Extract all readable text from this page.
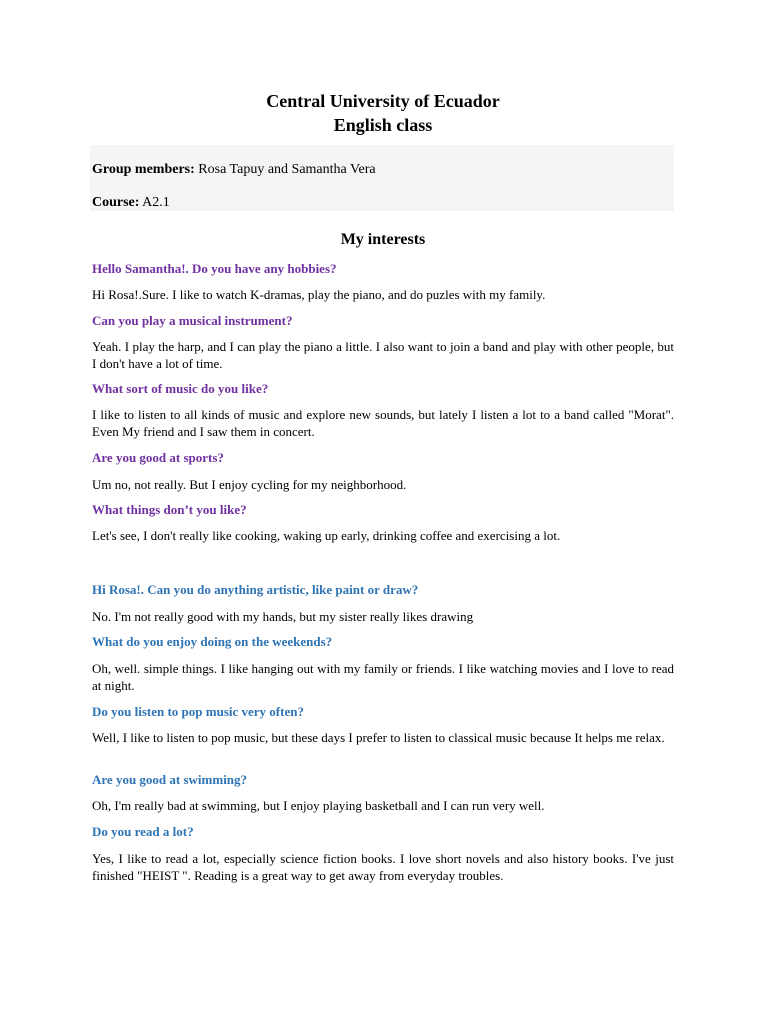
Central University of Ecuador
English class
Group members: Rosa Tapuy and Samantha Vera
Course: A2.1
My interests
Hello Samantha!. Do you have any hobbies?
Hi Rosa!.Sure. I like to watch K-dramas, play the piano, and do puzles with my family.
Can you play a musical instrument?
Yeah. I play the harp, and I can play the piano a little. I also want to join a band and play with other people, but I don't have a lot of time.
What sort of music do you like?
I like to listen to all kinds of music and explore new sounds, but lately I listen a lot to a band called "Morat". Even My friend and I saw them in concert.
Are you good at sports?
Um no, not really. But I enjoy cycling for my neighborhood.
What things don’t you like?
Let's see, I don't really like cooking, waking up early, drinking coffee and exercising a lot.
Hi Rosa!. Can you do anything artistic, like paint or draw?
No. I'm not really good with my hands, but my sister really likes drawing
What do you enjoy doing on the weekends?
Oh, well. simple things. I like hanging out with my family or friends. I like watching movies and I love to read at night.
Do you listen to pop music very often?
Well, I like to listen to pop music, but these days I prefer to listen to classical music because It helps me relax.
Are you good at swimming?
Oh, I'm really bad at swimming, but I enjoy playing basketball and I can run very well.
Do you read a lot?
Yes, I like to read a lot, especially science fiction books. I love short novels and also history books. I've just finished "HEIST ". Reading is a great way to get away from everyday troubles.
